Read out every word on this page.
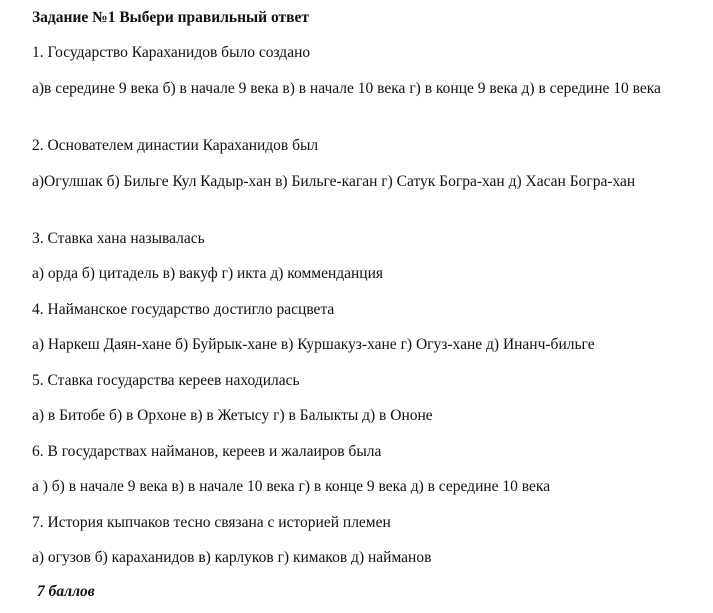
Задание №1 Выбери правильный ответ
1. Государство Караханидов было создано
а)в середине 9 века б) в начале 9 века в) в начале 10 века г) в конце 9 века д) в середине 10 века
2. Основателем династии Караханидов был
а)Огулшак б) Бильге Кул Кадыр-хан в) Бильге-каган г) Сатук Богра-хан д) Хасан Богра-хан
3. Ставка хана называлась
а) орда б) цитадель в) вакуф г) икта д) комменданция
4. Найманское государство достигло расцвета
а) Наркеш Даян-хане б) Буйрык-хане в) Куршакуз-хане г) Огуз-хане д) Инанч-бильге
5. Ставка государства кереев находилась
а) в Битобе б) в Орхоне в) в Жетысу г) в Балыкты д) в Ононе
6. В государствах найманов, кереев и жалаиров была
а ) б) в начале 9 века в) в начале 10 века г) в конце 9 века д) в середине 10 века
7. История кыпчаков тесно связана с историей племен
а) огузов б) караханидов в) карлуков г) кимаков д) найманов
7 баллов
